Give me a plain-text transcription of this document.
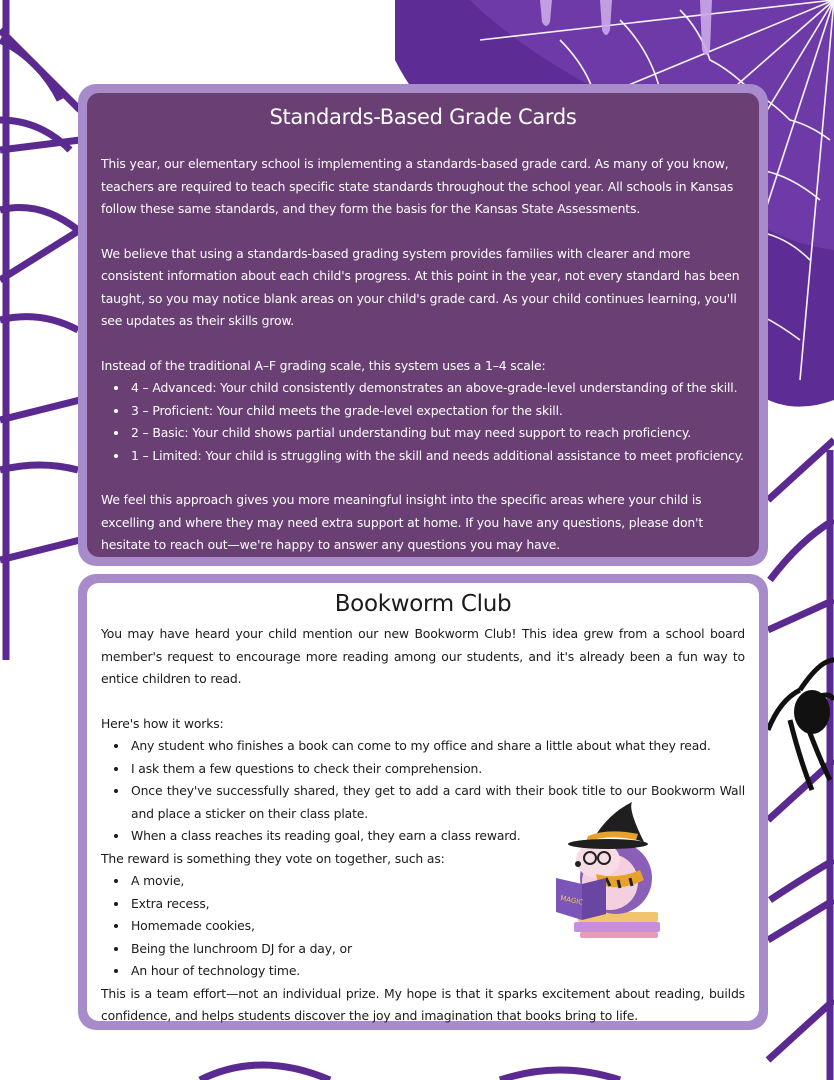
Standards-Based Grade Cards

This year, our elementary school is implementing a standards-based grade card. As many of you know, teachers are required to teach specific state standards throughout the school year. All schools in Kansas follow these same standards, and they form the basis for the Kansas State Assessments.

We believe that using a standards-based grading system provides families with clearer and more consistent information about each child's progress. At this point in the year, not every standard has been taught, so you may notice blank areas on your child's grade card. As your child continues learning, you'll see updates as their skills grow.

Instead of the traditional A–F grading scale, this system uses a 1–4 scale:

• 4 – Advanced: Your child consistently demonstrates an above-grade-level understanding of the skill.
• 3 – Proficient: Your child meets the grade-level expectation for the skill.
• 2 – Basic: Your child shows partial understanding but may need support to reach proficiency.
• 1 – Limited: Your child is struggling with the skill and needs additional assistance to meet proficiency.

We feel this approach gives you more meaningful insight into the specific areas where your child is excelling and where they may need extra support at home. If you have any questions, please don't hesitate to reach out—we're happy to answer any questions you may have.

Bookworm Club

You may have heard your child mention our new Bookworm Club! This idea grew from a school board member's request to encourage more reading among our students, and it's already been a fun way to entice children to read.

Here's how it works:

• Any student who finishes a book can come to my office and share a little about what they read.
• I ask them a few questions to check their comprehension.
• Once they've successfully shared, they get to add a card with their book title to our Bookworm Wall and place a sticker on their class plate.
• When a class reaches its reading goal, they earn a class reward.

The reward is something they vote on together, such as:

• A movie,
• Extra recess,
• Homemade cookies,
• Being the lunchroom DJ for a day, or
• An hour of technology time.

This is a team effort—not an individual prize. My hope is that it sparks excitement about reading, builds confidence, and helps students discover the joy and imagination that books bring to life.

MAGIC
